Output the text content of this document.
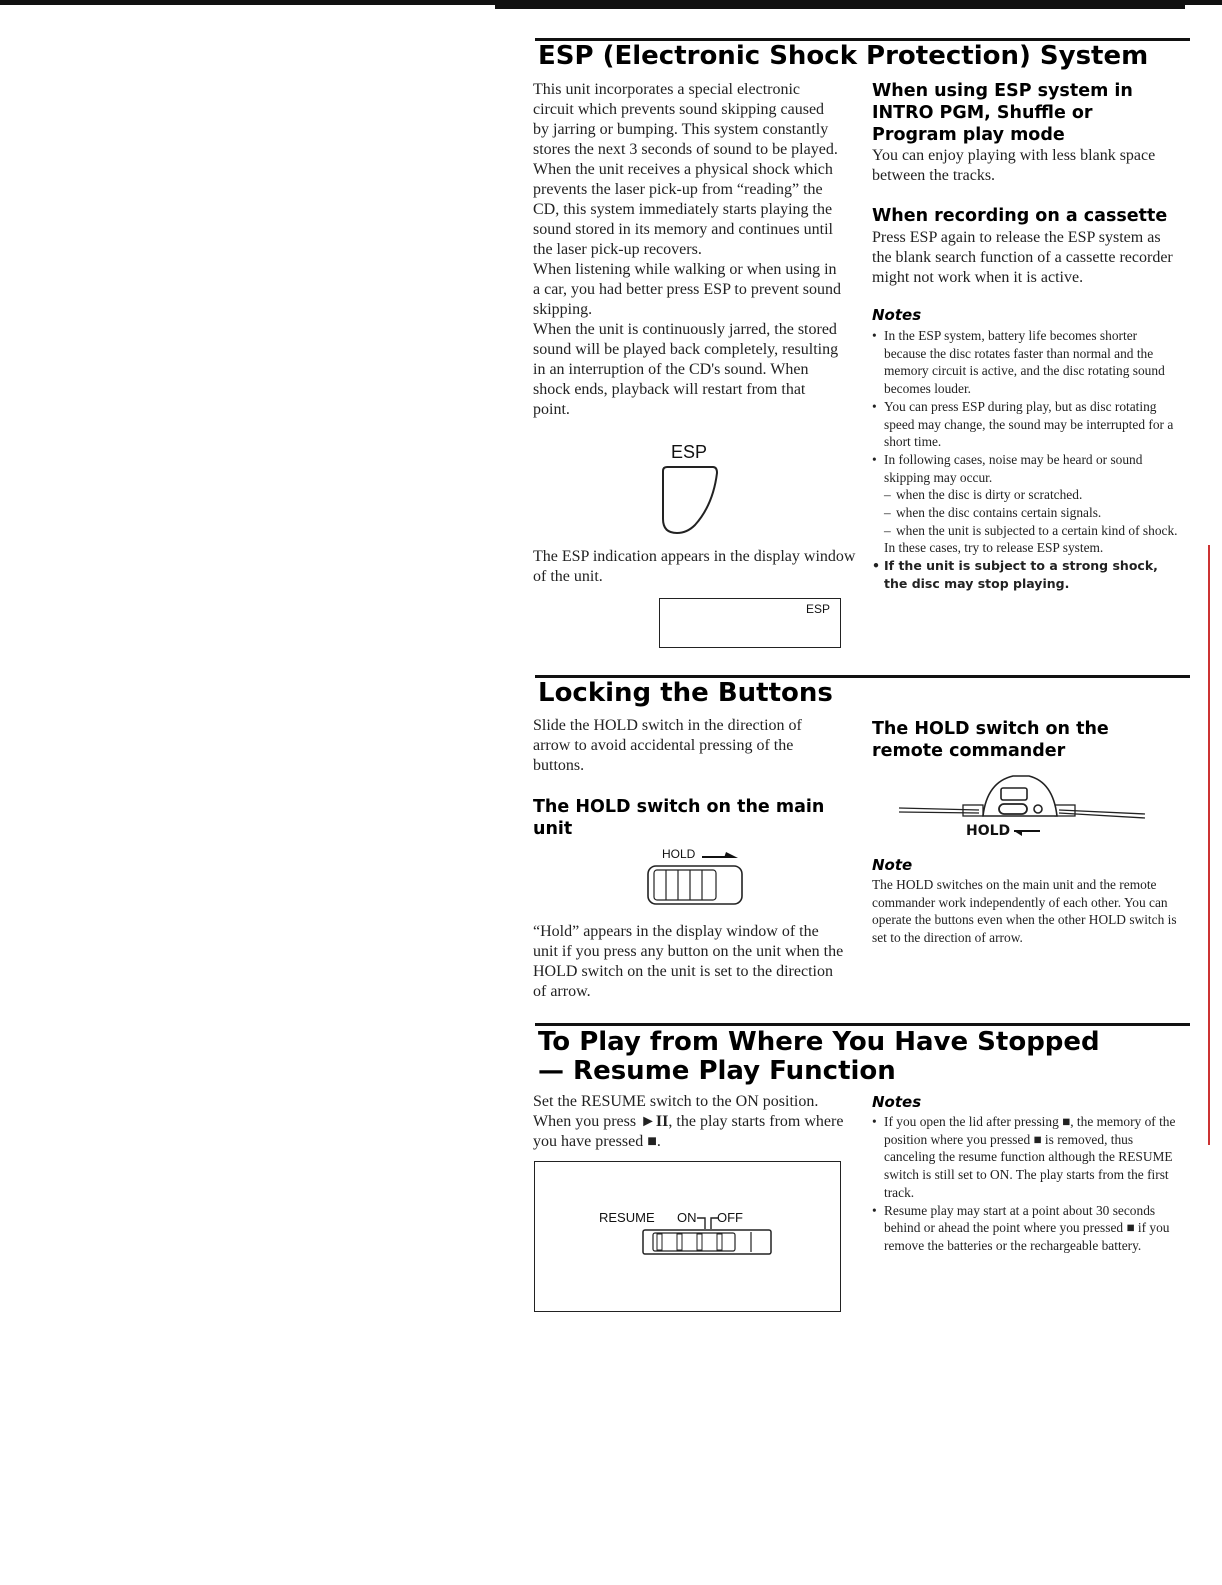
ESP (Electronic Shock Protection) System
This unit incorporates a special electronic circuit which prevents sound skipping caused by jarring or bumping. This system constantly stores the next 3 seconds of sound to be played. When the unit receives a physical shock which prevents the laser pick-up from “reading” the CD, this system immediately starts playing the sound stored in its memory and continues until the laser pick-up recovers.
When listening while walking or when using in a car, you had better press ESP to prevent sound skipping.
When the unit is continuously jarred, the stored sound will be played back completely, resulting in an interruption of the CD's sound. When shock ends, playback will restart from that point.
ESP
The ESP indication appears in the display window of the unit.
ESP
When using ESP system in INTRO PGM, Shuffle or Program play mode
You can enjoy playing with less blank space between the tracks.
When recording on a cassette
Press ESP again to release the ESP system as the blank search function of a cassette recorder might not work when it is active.
Notes
• In the ESP system, battery life becomes shorter because the disc rotates faster than normal and the memory circuit is active, and the disc rotating sound becomes louder.
• You can press ESP during play, but as disc rotating speed may change, the sound may be interrupted for a short time.
• In following cases, noise may be heard or sound skipping may occur.
– when the disc is dirty or scratched.
– when the disc contains certain signals.
– when the unit is subjected to a certain kind of shock.
In these cases, try to release ESP system.
• If the unit is subject to a strong shock, the disc may stop playing.
Locking the Buttons
Slide the HOLD switch in the direction of arrow to avoid accidental pressing of the buttons.
The HOLD switch on the main unit
HOLD
“Hold” appears in the display window of the unit if you press any button on the unit when the HOLD switch on the unit is set to the direction of arrow.
The HOLD switch on the remote commander
HOLD
Note
The HOLD switches on the main unit and the remote commander work independently of each other. You can operate the buttons even when the other HOLD switch is set to the direction of arrow.
To Play from Where You Have Stopped
— Resume Play Function
Set the RESUME switch to the ON position. When you press ►II, the play starts from where you have pressed ■.
RESUME ON OFF
Notes
• If you open the lid after pressing ■, the memory of the position where you pressed ■ is removed, thus canceling the resume function although the RESUME switch is still set to ON. The play starts from the first track.
• Resume play may start at a point about 30 seconds behind or ahead the point where you pressed ■ if you remove the batteries or the rechargeable battery.
